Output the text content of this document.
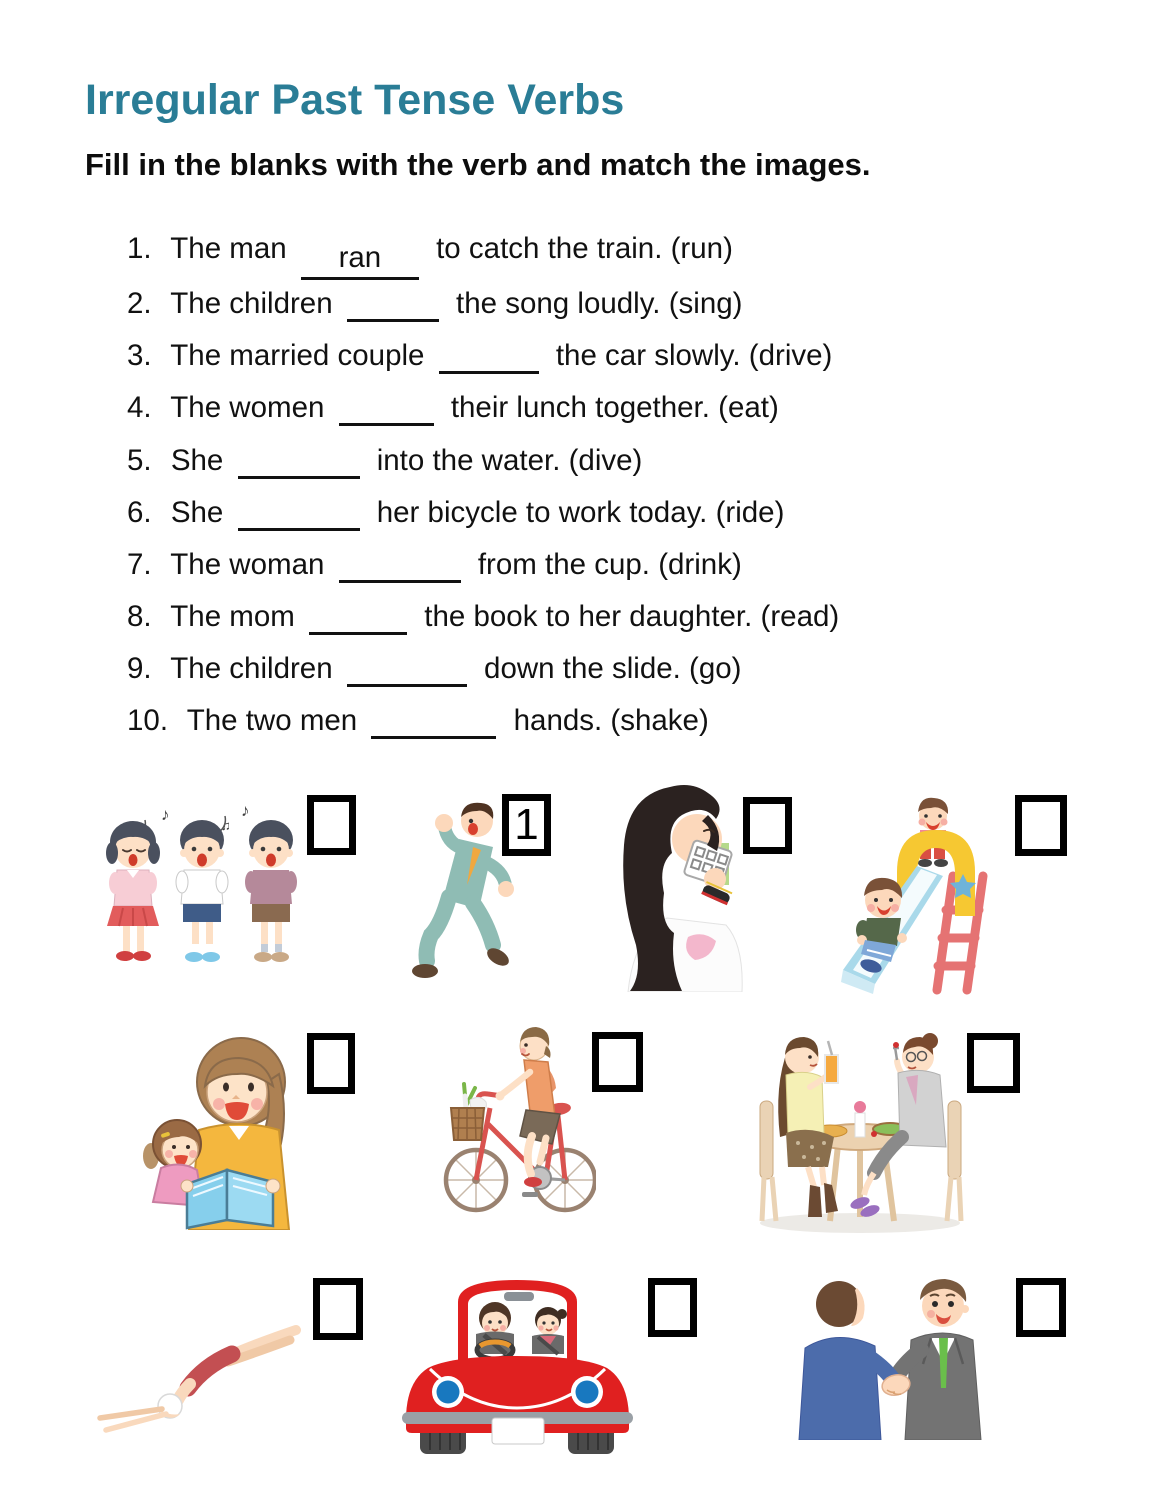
Irregular Past Tense Verbs
Fill in the blanks with the verb and match the images.
1. The man ran to catch the train. (run)
2. The children	the song loudly. (sing)
3. The married couple	the car slowly. (drive)
4. The women	their lunch together. (eat)
5. She	into the water. (dive)
6. She	her bicycle to work today. (ride)
7. The woman	from the cup. (drink)
8. The mom	the book to her daughter. (read)
9. The children	down the slide. (go)
10. The two men	hands. (shake)
♪	♪
♫	1
